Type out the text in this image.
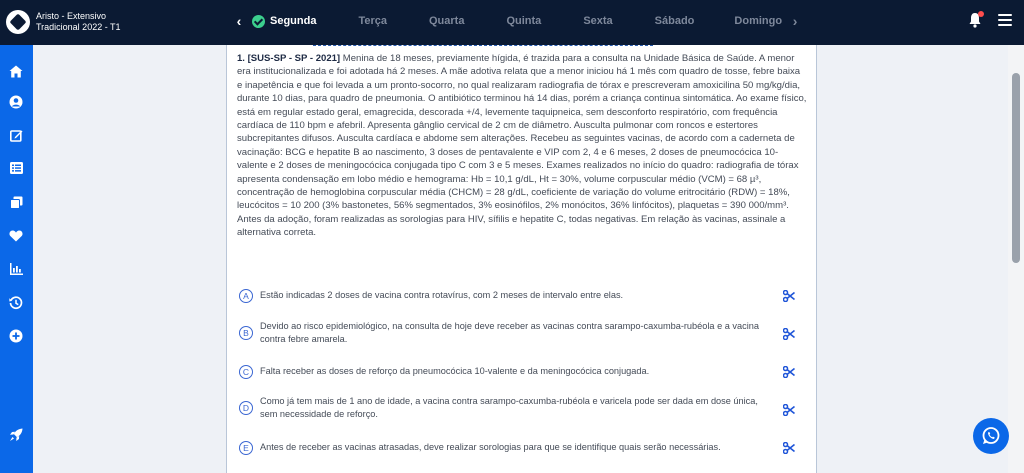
Aristo - Extensivo
Tradicional 2022 - T1	‹	Segunda	Terça	Quarta	Quinta	Sexta	Sábado	Domingo ›

1. [SUS-SP - SP - 2021] Menina de 18 meses, previamente hígida, é trazida para a consulta na Unidade Básica de Saúde. A menor era institucionalizada e foi adotada há 2 meses. A mãe adotiva relata que a menor iniciou há 1 mês com quadro de tosse, febre baixa e inapetência e que foi levada a um pronto-socorro, no qual realizaram radiografia de tórax e prescreveram amoxicilina 50 mg/kg/dia, durante 10 dias, para quadro de pneumonia. O antibiótico terminou há 14 dias, porém a criança continua sintomática. Ao exame físico, está em regular estado geral, emagrecida, descorada +/4, levemente taquipneica, sem desconforto respiratório, com frequência cardíaca de 110 bpm e afebril. Apresenta gânglio cervical de 2 cm de diâmetro. Ausculta pulmonar com roncos e estertores subcrepitantes difusos. Ausculta cardíaca e abdome sem alterações. Recebeu as seguintes vacinas, de acordo com a caderneta de vacinação: BCG e hepatite B ao nascimento, 3 doses de pentavalente e VIP com 2, 4 e 6 meses, 2 doses de pneumocócica 10-valente e 2 doses de meningocócica conjugada tipo C com 3 e 5 meses. Exames realizados no início do quadro: radiografia de tórax apresenta condensação em lobo médio e hemograma: Hb = 10,1 g/dL, Ht = 30%, volume corpuscular médio (VCM) = 68 µ³, concentração de hemoglobina corpuscular média (CHCM) = 28 g/dL, coeficiente de variação do volume eritrocitário (RDW) = 18%, leucócitos = 10 200 (3% bastonetes, 56% segmentados, 3% eosinófilos, 2% monócitos, 36% linfócitos), plaquetas = 390 000/mm³. Antes da adoção, foram realizadas as sorologias para HIV, sífilis e hepatite C, todas negativas. Em relação às vacinas, assinale a alternativa correta.

A	Estão indicadas 2 doses de vacina contra rotavírus, com 2 meses de intervalo entre elas.
B
Devido ao risco epidemiológico, na consulta de hoje deve receber as vacinas contra sarampo-caxumba-rubéola e a vacina contra febre amarela.
C	Falta receber as doses de reforço da pneumocócica 10-valente e da meningocócica conjugada.
D
Como já tem mais de 1 ano de idade, a vacina contra sarampo-caxumba-rubéola e varicela pode ser dada em dose única, sem necessidade de reforço.
E	Antes de receber as vacinas atrasadas, deve realizar sorologias para que se identifique quais serão necessárias.
